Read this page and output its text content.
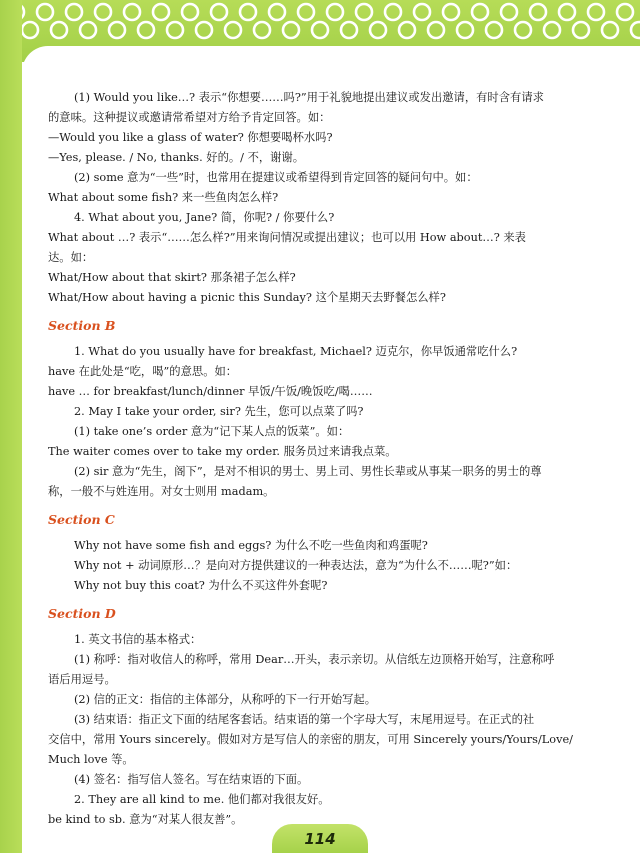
(1) Would you like…? 表示“你想要……吗?”用于礼貌地提出建议或发出邀请，有时含有请求
的意味。这种提议或邀请常希望对方给予肯定回答。如：
—Would you like a glass of water? 你想要喝杯水吗?
—Yes, please. / No, thanks. 好的。/ 不，谢谢。
(2) some 意为“一些”时，也常用在提建议或希望得到肯定回答的疑问句中。如：
What about some fish? 来一些鱼肉怎么样?
4. What about you, Jane? 简，你呢? / 你要什么?
What about …? 表示“……怎么样?”用来询问情况或提出建议；也可以用 How about…? 来表
达。如：
What/How about that skirt? 那条裙子怎么样?
What/How about having a picnic this Sunday? 这个星期天去野餐怎么样?
Section B
1. What do you usually have for breakfast, Michael? 迈克尔，你早饭通常吃什么?
have 在此处是“吃，喝”的意思。如：
have … for breakfast/lunch/dinner 早饭/午饭/晚饭吃/喝……
2. May I take your order, sir? 先生，您可以点菜了吗?
(1) take one’s order 意为“记下某人点的饭菜”。如：
The waiter comes over to take my order. 服务员过来请我点菜。
(2) sir 意为“先生，阁下”，是对不相识的男士、男上司、男性长辈或从事某一职务的男士的尊
称，一般不与姓连用。对女士则用 madam。
Section C
Why not have some fish and eggs? 为什么不吃一些鱼肉和鸡蛋呢?
Why not + 动词原形…？是向对方提供建议的一种表达法，意为“为什么不……呢?”如：
Why not buy this coat? 为什么不买这件外套呢?
Section D
1. 英文书信的基本格式：
(1) 称呼：指对收信人的称呼，常用 Dear…开头，表示亲切。从信纸左边顶格开始写，注意称呼
语后用逗号。
(2) 信的正文：指信的主体部分，从称呼的下一行开始写起。
(3) 结束语：指正文下面的结尾客套话。结束语的第一个字母大写，末尾用逗号。在正式的社
交信中，常用 Yours sincerely。假如对方是写信人的亲密的朋友，可用 Sincerely yours/Yours/Love/
Much love 等。
(4) 签名：指写信人签名。写在结束语的下面。
2. They are all kind to me. 他们都对我很友好。
be kind to sb. 意为“对某人很友善”。
114
